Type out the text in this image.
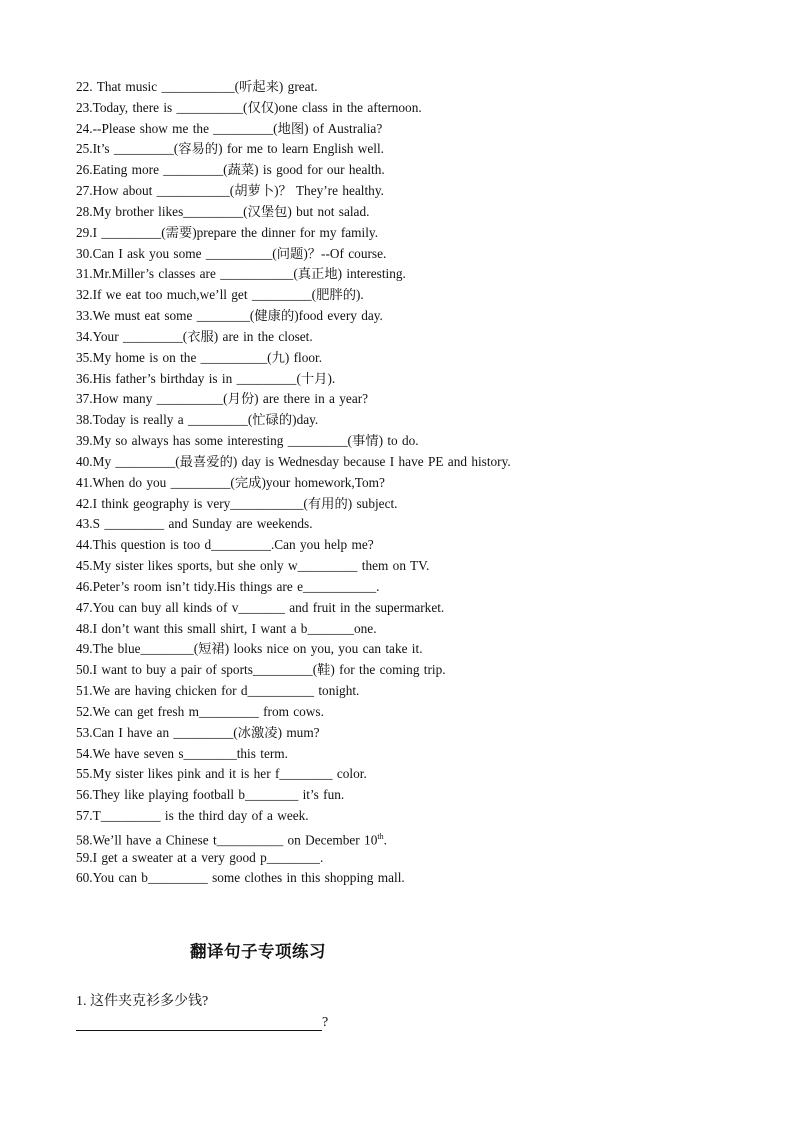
22. That music ___________(听起来) great.
23.Today, there is __________(仅仅)one class in the afternoon.
24.--Please show me the _________(地图) of Australia?
25.It’s _________(容易的) for me to learn English well.
26.Eating more _________(蔬菜) is good for our health.
27.How about ___________(胡萝卜)？ They’re healthy.
28.My brother likes_________(汉堡包) but not salad.
29.I _________(需要)prepare the dinner for my family.
30.Can I ask you some __________(问题)？--Of course.
31.Mr.Miller’s classes are ___________(真正地) interesting.
32.If we eat too much,we’ll get _________(肥胖的).
33.We must eat some ________(健康的)food every day.
34.Your _________(衣服) are in the closet.
35.My home is on the __________(九) floor.
36.His father’s birthday is in _________(十月).
37.How many __________(月份) are there in a year?
38.Today is really a _________(忙碌的)day.
39.My so always has some interesting _________(事情) to do.
40.My _________(最喜爱的) day is Wednesday because I have PE and history.
41.When do you _________(完成)your homework,Tom?
42.I think geography is very___________(有用的) subject.
43.S _________ and Sunday are weekends.
44.This question is too d_________.Can you help me?
45.My sister likes sports, but she only w_________ them on TV.
46.Peter’s room isn’t tidy.His things are e___________.
47.You can buy all kinds of v_______ and fruit in the supermarket.
48.I don’t want this small shirt, I want a b_______one.
49.The blue________(短裙) looks nice on you, you can take it.
50.I want to buy a pair of sports_________(鞋) for the coming trip.
51.We are having chicken for d__________ tonight.
52.We can get fresh m_________ from cows.
53.Can I have an _________(冰激凌) mum?
54.We have seven s________this term.
55.My sister likes pink and it is her f________ color.
56.They like playing football b________ it’s fun.
57.T_________ is the third day of a week.
58.We’ll have a Chinese t__________ on December 10th.
59.I get a sweater at a very good p________.
60.You can b_________ some clothes in this shopping mall.
翻译句子专项练习
1. 这件夹克衫多少钱?
?
